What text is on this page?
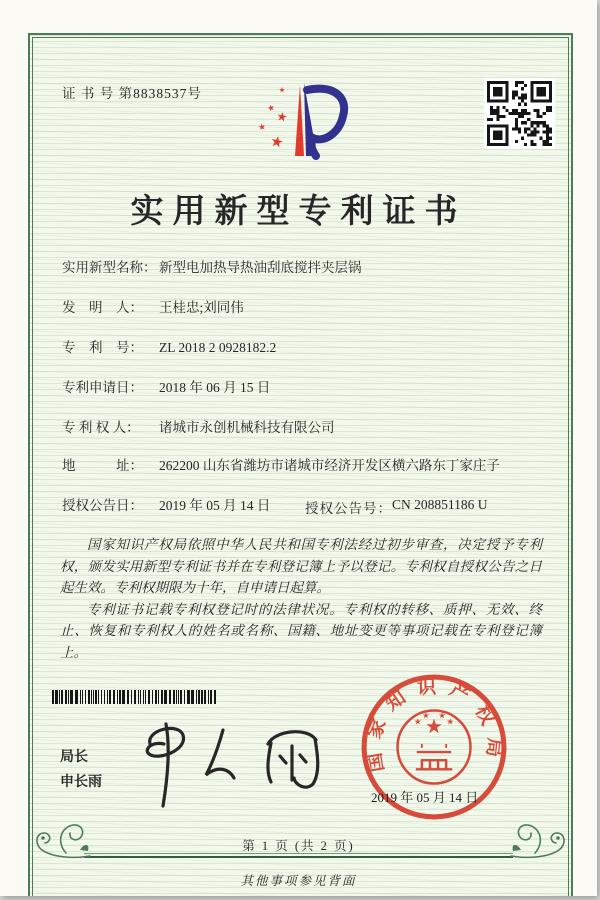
证 书 号 第8838537号
实用新型专利证书
实用新型名称： 新型电加热导热油刮底搅拌夹层锅
发　明　人：	王桂忠;刘同伟
专　利　号：	ZL 2018 2 0928182.2
专利申请日：	2018 年 06 月 15 日
专 利 权 人：	诸城市永创机械科技有限公司
地　　　址：	262200 山东省潍坊市诸城市经济开发区横六路东丁家庄子
授权公告日：	2019 年 05 月 14 日	授权公告号： CN 208851186 U

国家知识产权局依照中华人民共和国专利法经过初步审查，决定授予专利权，颁发实用新型专利证书并在专利登记簿上予以登记。专利权自授权公告之日起生效。专利权期限为十年，自申请日起算。

专利证书记载专利权登记时的法律状况。专利权的转移、质押、无效、终止、恢复和专利权人的姓名或名称、国籍、地址变更等事项记载在专利登记簿上。

局长
申长雨
国家知识产权局
2019 年 05 月 14 日
第 1 页 (共 2 页)
其他事项参见背面
